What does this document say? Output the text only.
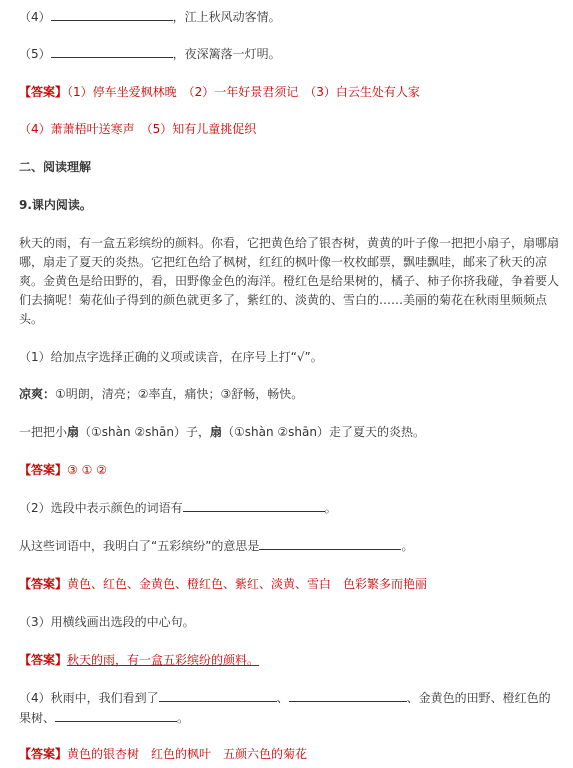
（4）	，江上秋风动客情。
（5）	，夜深篱落一灯明。
【答案】（1）停车坐爱枫林晚　（2）一年好景君须记　（3）白云生处有人家
（4）萧萧梧叶送寒声　（5）知有儿童挑促织
二、阅读理解
9.课内阅读。
秋天的雨，有一盒五彩缤纷的颜料。你看，它把黄色给了银杏树，黄黄的叶子像一把把小扇子，扇哪扇哪，扇走了夏天的炎热。它把红色给了枫树，红红的枫叶像一枚枚邮票，飘哇飘哇，邮来了秋天的凉爽。金黄色是给田野的，看，田野像金色的海洋。橙红色是给果树的，橘子、柿子你挤我碰，争着要人们去摘呢！菊花仙子得到的颜色就更多了，紫红的、淡黄的、雪白的……美丽的菊花在秋雨里频频点头。
（1）给加点字选择正确的义项或读音，在序号上打“√”。
凉爽：①明朗，清亮；②率直，痛快；③舒畅，畅快。
一把把小扇（①shàn ②shān）子，扇（①shàn ②shān）走了夏天的炎热。
【答案】③ ① ②
（2）选段中表示颜色的词语有	。
从这些词语中，我明白了“五彩缤纷”的意思是	。
【答案】黄色、红色、金黄色、橙红色、紫红、淡黄、雪白　色彩繁多而艳丽
（3）用横线画出选段的中心句。
【答案】秋天的雨，有一盒五彩缤纷的颜料。
（4）秋雨中，我们看到了	、	、金黄色的田野、橙红色的
果树、	。
【答案】黄色的银杏树　红色的枫叶　五颜六色的菊花
